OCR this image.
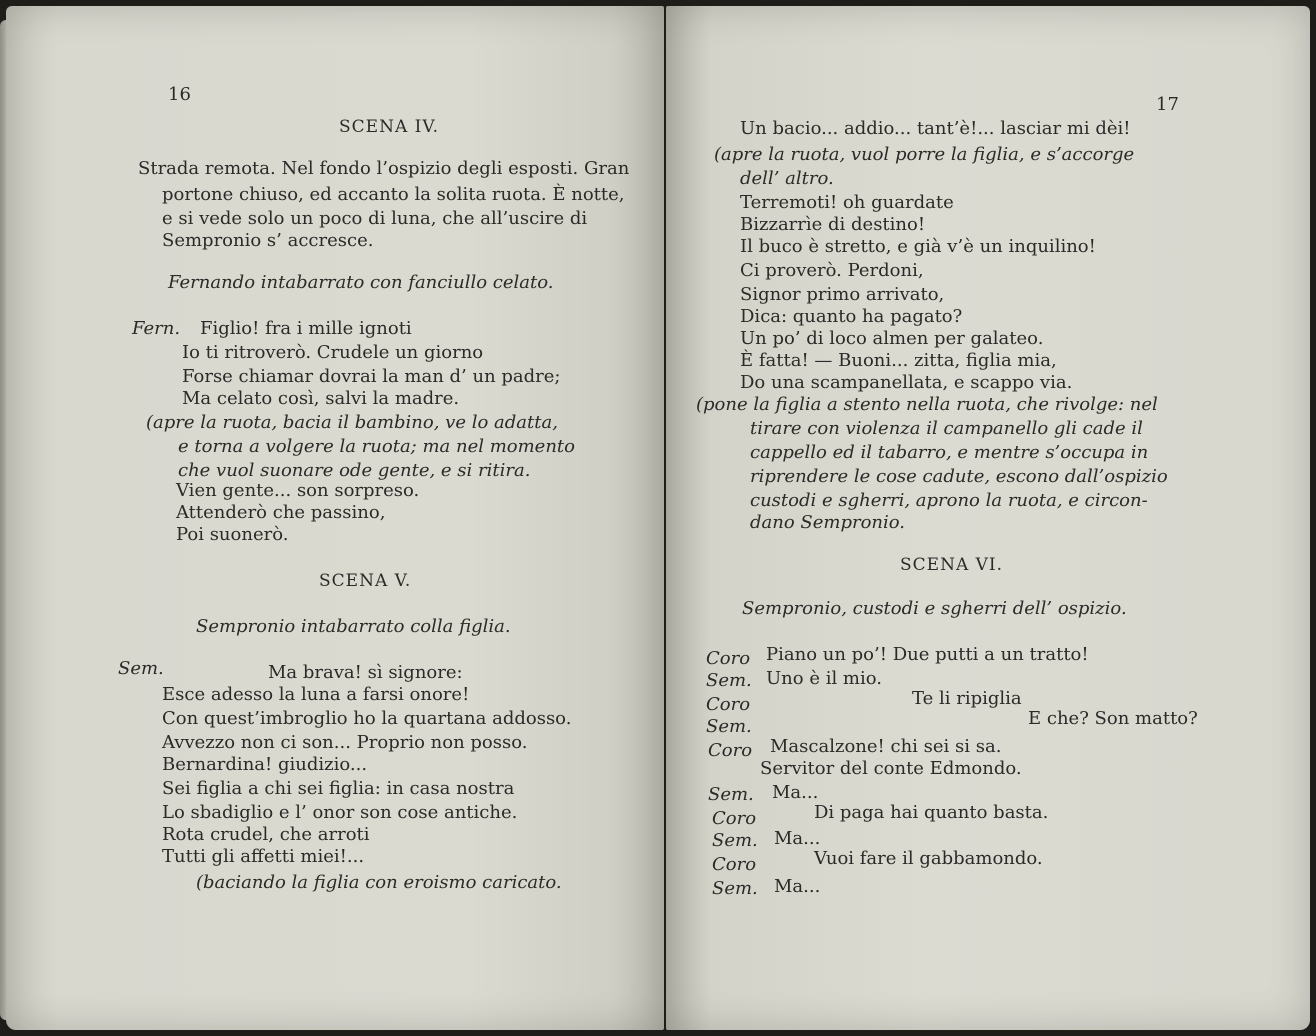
16
SCENA IV.
Strada remota. Nel fondo l’ospizio degli esposti. Gran
portone chiuso, ed accanto la solita ruota. È notte,
e si vede solo un poco di luna, che all’uscire di
Sempronio s’ accresce.
Fernando intabarrato con fanciullo celato.
Fern. Figlio! fra i mille ignoti
Io ti ritroverò. Crudele un giorno
Forse chiamar dovrai la man d’ un padre;
Ma celato così, salvi la madre.
(apre la ruota, bacia il bambino, ve lo adatta,
e torna a volgere la ruota; ma nel momento
che vuol suonare ode gente, e si ritira.
Vien gente... son sorpreso.
Attenderò che passino,
Poi suonerò.
SCENA V.
Sempronio intabarrato colla figlia.
Sem.	Ma brava! sì signore:
Esce adesso la luna a farsi onore!
Con quest’imbroglio ho la quartana addosso.
Avvezzo non ci son... Proprio non posso.
Bernardina! giudizio...
Sei figlia a chi sei figlia: in casa nostra
Lo sbadiglio e l’ onor son cose antiche.
Rota crudel, che arroti
Tutti gli affetti miei!...
(baciando la figlia con eroismo caricato.
17
Un bacio... addio... tant’è!... lasciar mi dèi!
(apre la ruota, vuol porre la figlia, e s’accorge
dell’ altro.
Terremoti! oh guardate
Bizzarrìe di destino!
Il buco è stretto, e già v’è un inquilino!
Ci proverò. Perdoni,
Signor primo arrivato,
Dica: quanto ha pagato?
Un po’ di loco almen per galateo.
È fatta! — Buoni... zitta, figlia mia,
Do una scampanellata, e scappo via.
(pone la figlia a stento nella ruota, che rivolge: nel
tirare con violenza il campanello gli cade il
cappello ed il tabarro, e mentre s’occupa in
riprendere le cose cadute, escono dall’ospizio
custodi e sgherri, aprono la ruota, e circon-
dano Sempronio.
SCENA VI.
Sempronio, custodi e sgherri dell’ ospizio.
Coro Piano un po’! Due putti a un tratto!
Sem. Uno è il mio.
Coro	Te li ripiglia
Sem.	E che? Son matto?
Coro Mascalzone! chi sei si sa.
Servitor del conte Edmondo.
Sem. Ma...
Coro	Di paga hai quanto basta.
Sem. Ma...
Coro	Vuoi fare il gabbamondo.
Sem. Ma...
